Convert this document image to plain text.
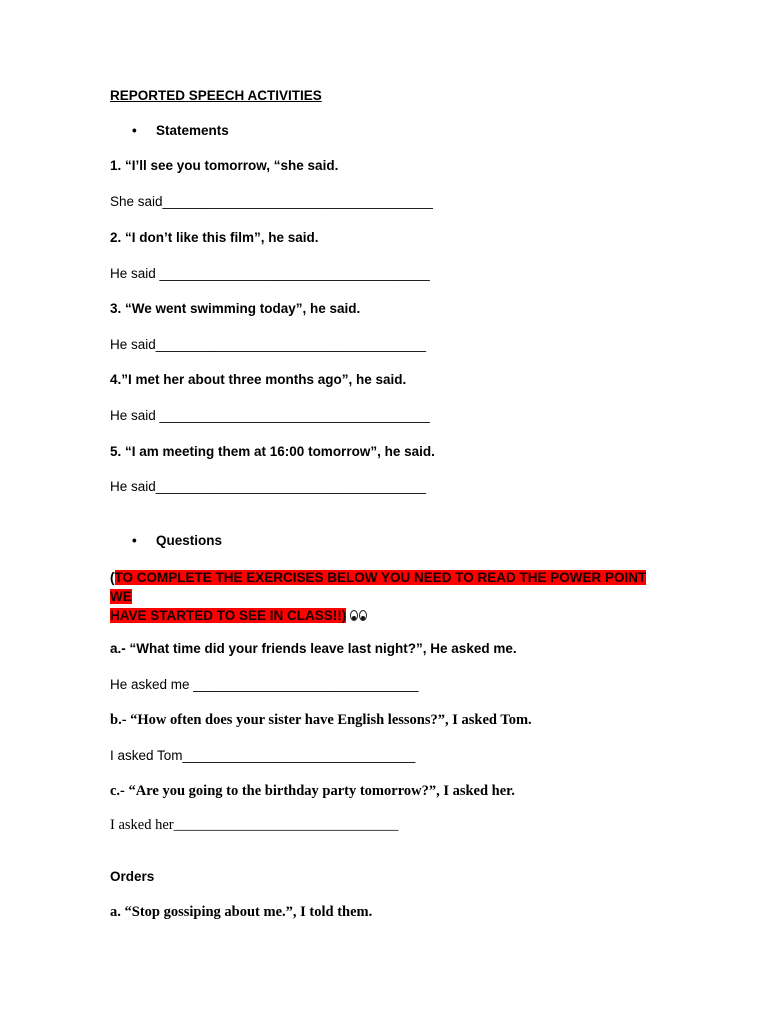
REPORTED SPEECH ACTIVITIES
• Statements
1. “I’ll see you tomorrow, “she said.
She said____________________________________
2. “I don’t like this film”, he said.
He said ____________________________________
3. “We went swimming today”, he said.
He said____________________________________
4.”I met her about three months ago”, he said.
He said ____________________________________
5. “I am meeting them at 16:00 tomorrow”, he said.
He said____________________________________
• Questions
(TO COMPLETE THE EXERCISES BELOW YOU NEED TO READ THE POWER POINT WE
HAVE STARTED TO SEE IN CLASS!!)
a.- “What time did your friends leave last night?”, He asked me.
He asked me ______________________________
b.- “How often does your sister have English lessons?”, I asked Tom.
I asked Tom_______________________________
c.- “Are you going to the birthday party tomorrow?”, I asked her.
I asked her_______________________________
Orders
a. “Stop gossiping about me.”, I told them.
